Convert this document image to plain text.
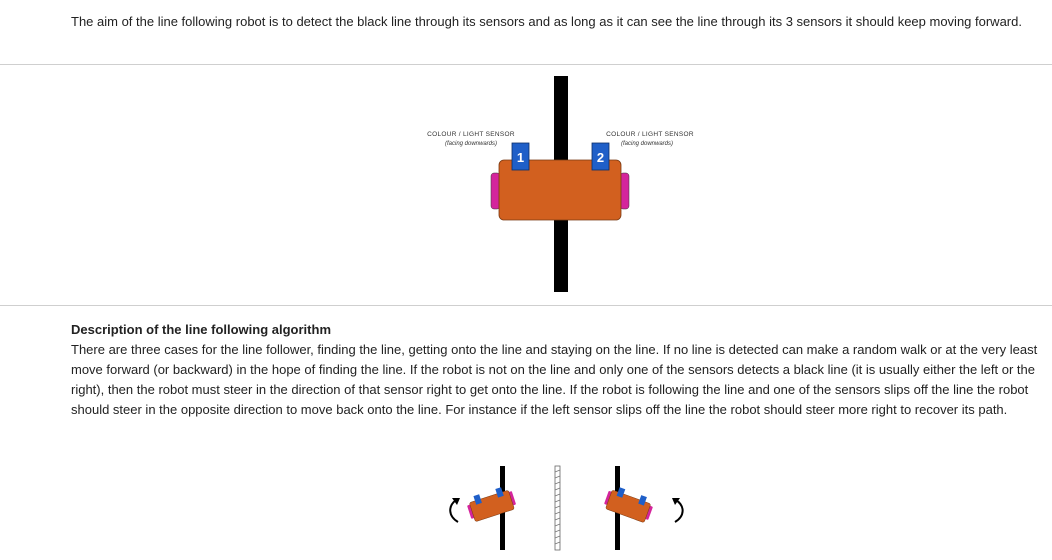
The aim of the line following robot is to detect the black line through its sensors and as long as it can see the line through its 3 sensors it should keep moving forward.

1	2
COLOUR / LIGHT SENSOR
(facing downwards)
COLOUR / LIGHT SENSOR
(facing downwards)

Description of the line following algorithm

There are three cases for the line follower, finding the line, getting onto the line and staying on the line. If no line is detected can make a random walk or at the very least move forward (or backward) in the hope of finding the line. If the robot is not on the line and only one of the sensors detects a black line (it is usually either the left or the right), then the robot must steer in the direction of that sensor right to get onto the line. If the robot is following the line and one of the sensors slips off the line the robot should steer in the opposite direction to move back onto the line. For instance if the left sensor slips off the line the robot should steer more right to recover its path.
